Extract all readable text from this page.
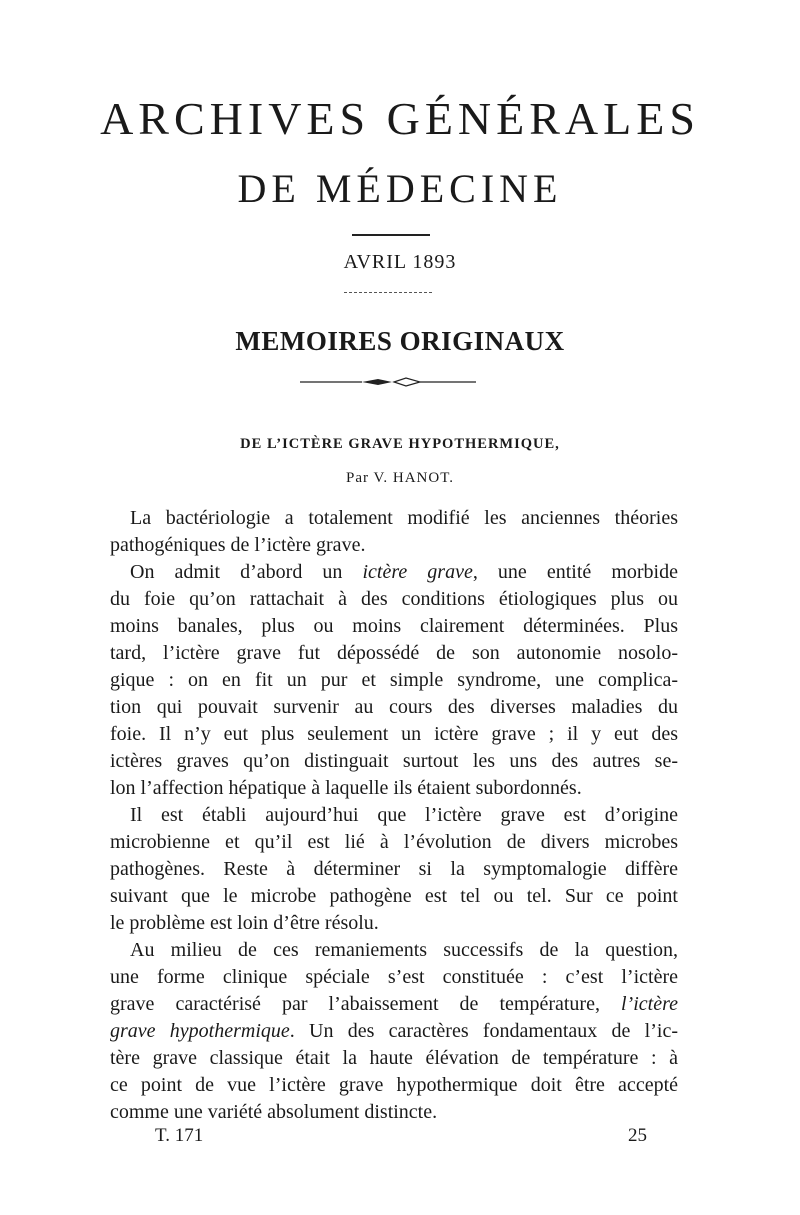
ARCHIVES GÉNÉRALES
DE MÉDECINE
AVRIL 1893
MEMOIRES ORIGINAUX
DE L’ICTÈRE GRAVE HYPOTHERMIQUE,
Par V. HANOT.
La bactériologie a totalement modifié les anciennes théories
pathogéniques de l’ictère grave.
On admit d’abord un ictère grave, une entité morbide
du foie qu’on rattachait à des conditions étiologiques plus ou
moins banales, plus ou moins clairement déterminées. Plus
tard, l’ictère grave fut dépossédé de son autonomie nosolo-
gique : on en fit un pur et simple syndrome, une complica-
tion qui pouvait survenir au cours des diverses maladies du
foie. Il n’y eut plus seulement un ictère grave ; il y eut des
ictères graves qu’on distinguait surtout les uns des autres se-
lon l’affection hépatique à laquelle ils étaient subordonnés.
Il est établi aujourd’hui que l’ictère grave est d’origine
microbienne et qu’il est lié à l’évolution de divers microbes
pathogènes. Reste à déterminer si la symptomalogie diffère
suivant que le microbe pathogène est tel ou tel. Sur ce point
le problème est loin d’être résolu.
Au milieu de ces remaniements successifs de la question,
une forme clinique spéciale s’est constituée : c’est l’ictère
grave caractérisé par l’abaissement de température, l’ictère
grave hypothermique. Un des caractères fondamentaux de l’ic-
tère grave classique était la haute élévation de température : à
ce point de vue l’ictère grave hypothermique doit être accepté
comme une variété absolument distincte.
T. 171	25
